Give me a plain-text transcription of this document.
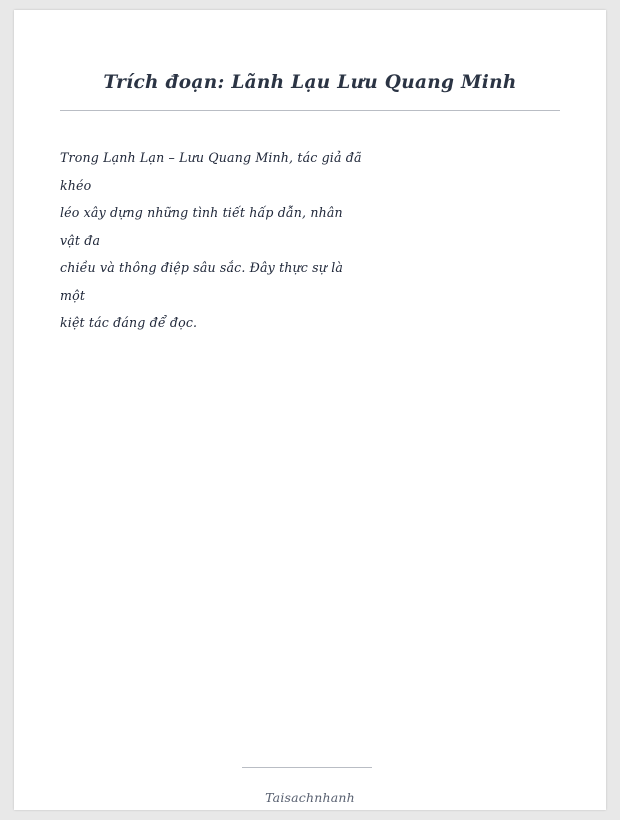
Trích đoạn: Lãnh Lạu Lưu Quang Minh
Trong Lạnh Lạn – Lưu Quang Minh, tác giả đã
khéo
léo xây dựng những tình tiết hấp dẫn, nhân
vật đa
chiều và thông điệp sâu sắc. Đây thực sự là
một
kiệt tác đáng để đọc.
Taisachnhanh
